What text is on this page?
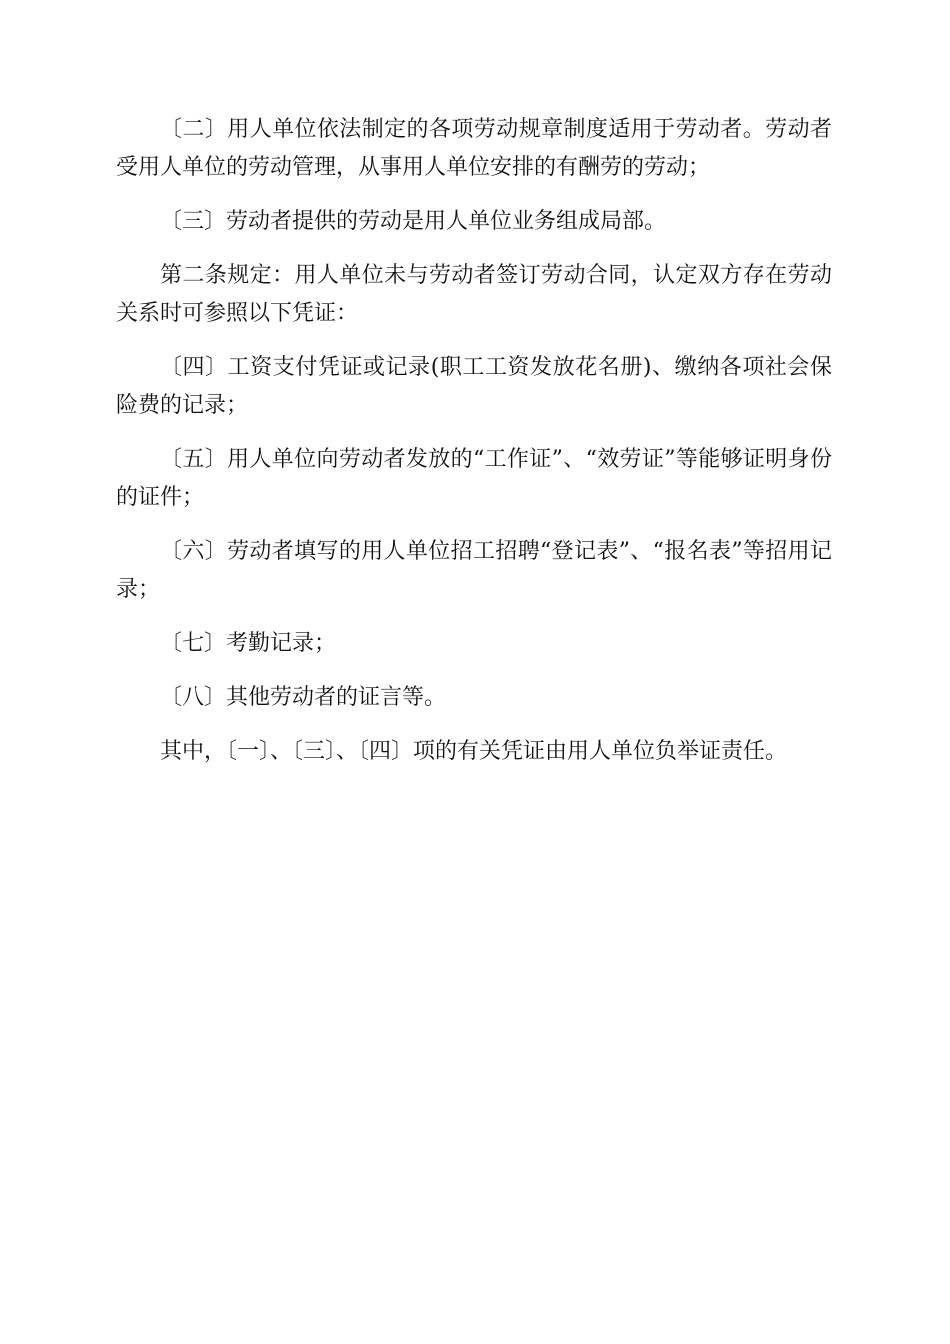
〔二〕用人单位依法制定的各项劳动规章制度适用于劳动者。劳动者受用人单位的劳动管理，从事用人单位安排的有酬劳的劳动；

〔三〕劳动者提供的劳动是用人单位业务组成局部。

第二条规定：用人单位未与劳动者签订劳动合同，认定双方存在劳动关系时可参照以下凭证：

〔四〕工资支付凭证或记录(职工工资发放花名册)、缴纳各项社会保险费的记录；

〔五〕用人单位向劳动者发放的“工作证”、“效劳证”等能够证明身份的证件；

〔六〕劳动者填写的用人单位招工招聘“登记表”、“报名表”等招用记录；

〔七〕考勤记录；

〔八〕其他劳动者的证言等。

其中，〔一〕、〔三〕、〔四〕项的有关凭证由用人单位负举证责任。
